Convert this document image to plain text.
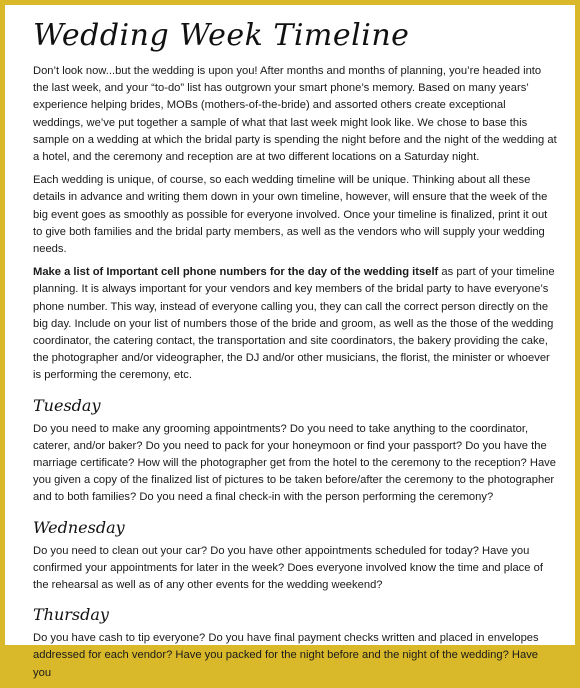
Wedding Week Timeline

Don’t look now...but the wedding is upon you! After months and months of planning, you’re headed into the last week, and your “to-do” list has outgrown your smart phone’s memory. Based on many years’ experience helping brides, MOBs (mothers-of-the-bride) and assorted others create exceptional weddings, we’ve put together a sample of what that last week might look like. We chose to base this sample on a wedding at which the bridal party is spending the night before and the night of the wedding at a hotel, and the ceremony and reception are at two different locations on a Saturday night.

Each wedding is unique, of course, so each wedding timeline will be unique. Thinking about all these details in advance and writing them down in your own timeline, however, will ensure that the week of the big event goes as smoothly as possible for everyone involved. Once your timeline is finalized, print it out to give both families and the bridal party members, as well as the vendors who will supply your wedding needs.

Make a list of Important cell phone numbers for the day of the wedding itself as part of your timeline planning. It is always important for your vendors and key members of the bridal party to have everyone’s phone number. This way, instead of everyone calling you, they can call the correct person directly on the big day. Include on your list of numbers those of the bride and groom, as well as the those of the wedding coordinator, the catering contact, the transportation and site coordinators, the bakery providing the cake, the photographer and/or videographer, the DJ and/or other musicians, the florist, the minister or whoever is performing the ceremony, etc.

Tuesday

Do you need to make any grooming appointments? Do you need to take anything to the coordinator, caterer, and/or baker? Do you need to pack for your honeymoon or find your passport? Do you have the marriage certificate? How will the photographer get from the hotel to the ceremony to the reception? Have you given a copy of the finalized list of pictures to be taken before/after the ceremony to the photographer and to both families? Do you need a final check-in with the person performing the ceremony?

Wednesday

Do you need to clean out your car? Do you have other appointments scheduled for today? Have you confirmed your appointments for later in the week? Does everyone involved know the time and place of the rehearsal as well as of any other events for the wedding weekend?

Thursday

Do you have cash to tip everyone? Do you have final payment checks written and placed in envelopes addressed for each vendor? Have you packed for the night before and the night of the wedding? Have you
